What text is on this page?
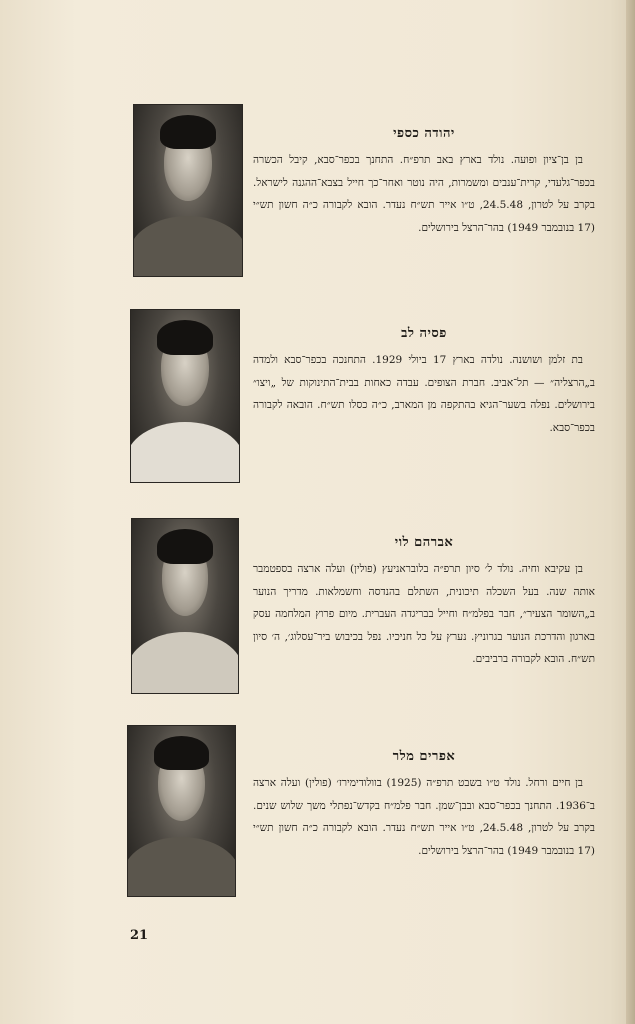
יהודה כספי

בן בן־ציון ופועה. נולד בארץ באב תרפ״ח. התחנך בכפר־סבא, קיבל הכשרה בכפר־גלעדי, קרית־ענבים ומשמרות, היה נוטר ואחר־כך חייל בצבא־ההגנה לישראל. בקרב על לטרון, 24.5.48, ט״ו אייר תש״ח נעדר. הובא לקבורה כ״ה חשון תש״י (17 בנובמבר 1949) בהר־הרצל בירושלים.

פסיה לב

בת זלמן ושושנה. נולדה בארץ 17 ביולי 1929. התחנכה בכפר־סבא ולמדה ב„הרצליה״ — תל־אביב. חברת הצופים. עבדה כאחות בבית־התינוקות של „ויצו״ בירושלים. נפלה בשער־הגיא בהתקפה מן המארב, כ״ה כסלו תש״ח. הובאה לקבורה בכפר־סבא.

אברהם לוי

בן עקיבא וחיה. נולד ל׳ סיון תרפ״ה בלובראניעץ (פולין) ועלה ארצה בספטמבר אותה שנה. בעל השכלה תיכונית, השתלם בהנדסה וחשמלאות. מדריך הנוער ב„השומר הצעיר״, חבר בפלמ״ח וחייל בבריגדה העברית. מיום פרוץ המלחמה עסק בארגון והדרכת הנוער בגרוניץ. נערץ על כל חניכיו. נפל בכיבוש ביר־עסלוג׳, ה׳ סיון תש״ח. הובא לקבורה ברביבים.

אפרים מלר

בן חיים ורחל. נולד ט״ו בשבט תרפ״ה (1925) בוולודימירז׳ (פולין) ועלה ארצה ב־1936. התחנך בכפר־סבא ובבן־שמן. חבר פלמ״ח בקדש־נפתלי משך שלוש שנים. בקרב על לטרון, 24.5.48, ט״ו אייר תש״ח נעדר. הובא לקבורה כ״ה חשון תש״י (17 בנובמבר 1949) בהר־הרצל בירושלים.

21
